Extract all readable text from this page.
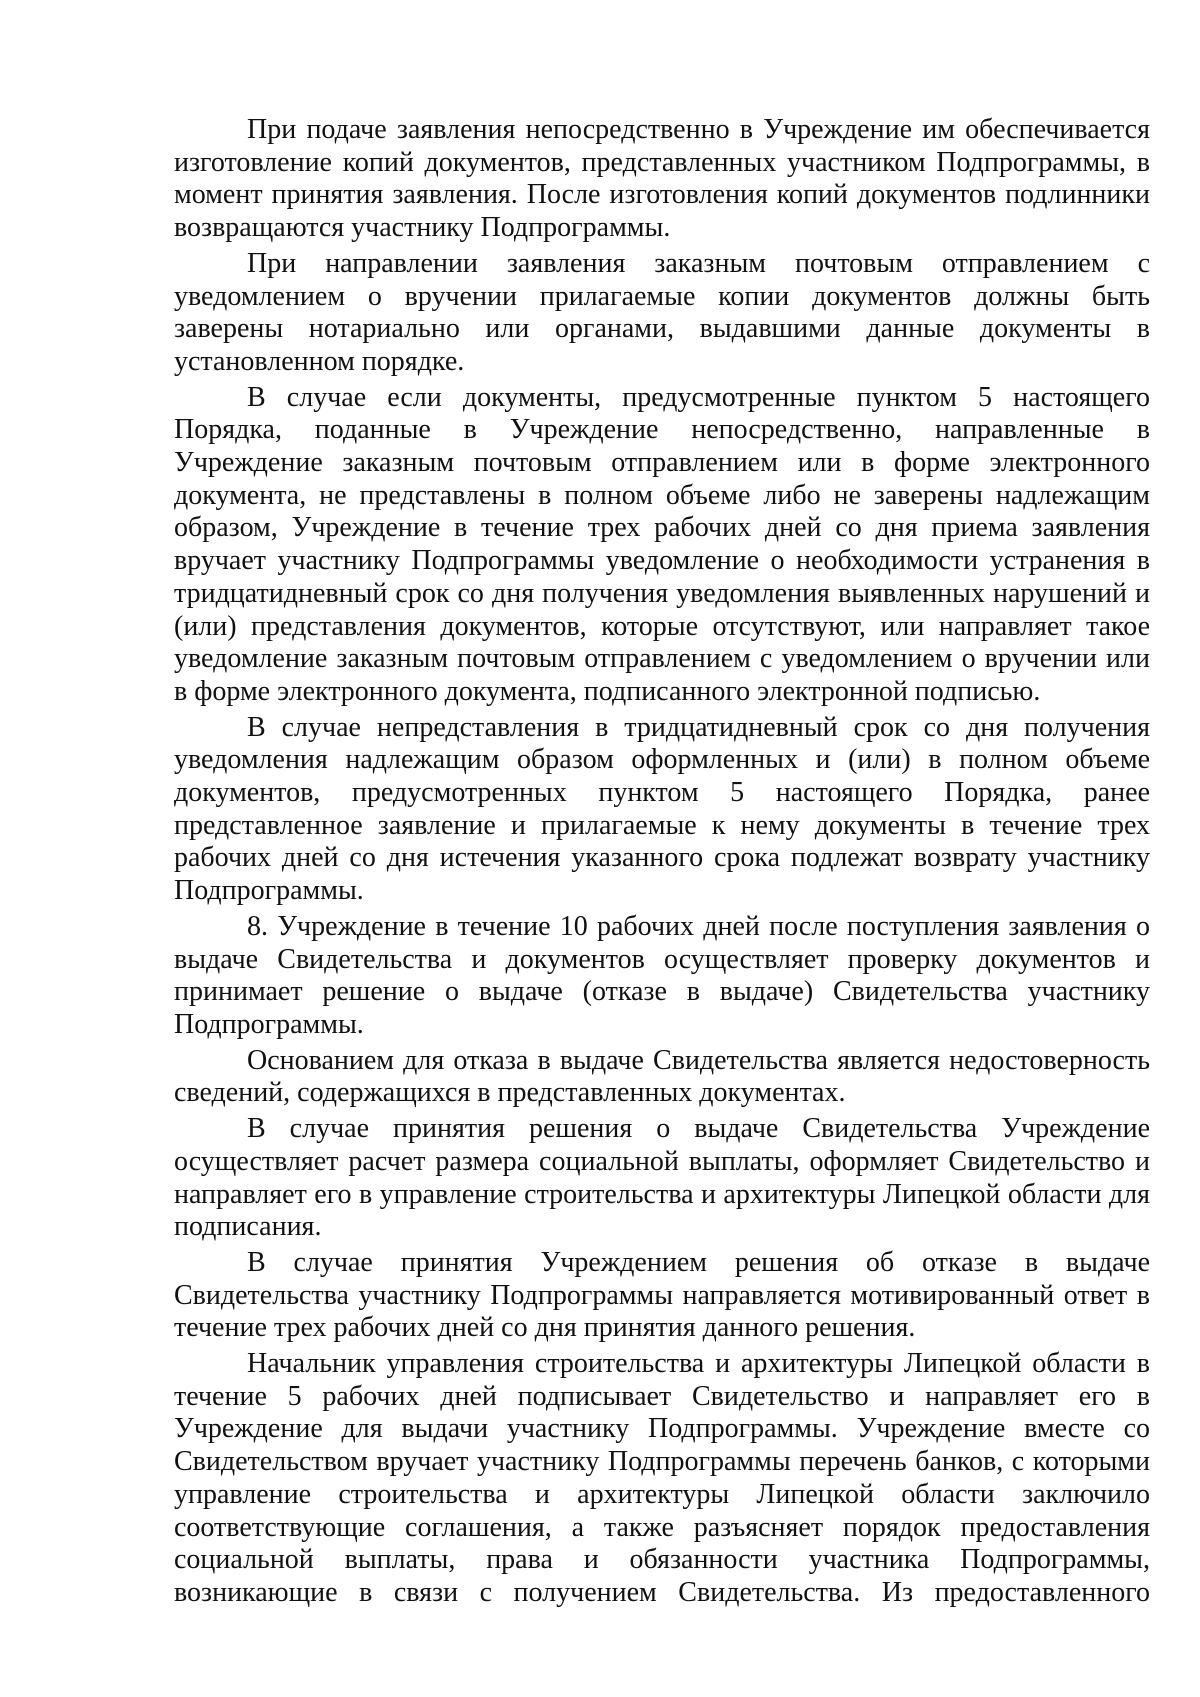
При подаче заявления непосредственно в Учреждение им обеспечивается изготовление копий документов, представленных участником Подпрограммы, в момент принятия заявления. После изготовления копий документов подлинники возвращаются участнику Подпрограммы.

При направлении заявления заказным почтовым отправлением с уведомлением о вручении прилагаемые копии документов должны быть заверены нотариально или органами, выдавшими данные документы в установленном порядке.

В случае если документы, предусмотренные пунктом 5 настоящего Порядка, поданные в Учреждение непосредственно, направленные в Учреждение заказным почтовым отправлением или в форме электронного документа, не представлены в полном объеме либо не заверены надлежащим образом, Учреждение в течение трех рабочих дней со дня приема заявления вручает участнику Подпрограммы уведомление о необходимости устранения в тридцатидневный срок со дня получения уведомления выявленных нарушений и (или) представления документов, которые отсутствуют, или направляет такое уведомление заказным почтовым отправлением с уведомлением о вручении или в форме электронного документа, подписанного электронной подписью.

В случае непредставления в тридцатидневный срок со дня получения уведомления надлежащим образом оформленных и (или) в полном объеме документов, предусмотренных пунктом 5 настоящего Порядка, ранее представленное заявление и прилагаемые к нему документы в течение трех рабочих дней со дня истечения указанного срока подлежат возврату участнику Подпрограммы.

8. Учреждение в течение 10 рабочих дней после поступления заявления о выдаче Свидетельства и документов осуществляет проверку документов и принимает решение о выдаче (отказе в выдаче) Свидетельства участнику Подпрограммы.

Основанием для отказа в выдаче Свидетельства является недостоверность сведений, содержащихся в представленных документах.

В случае принятия решения о выдаче Свидетельства Учреждение осуществляет расчет размера социальной выплаты, оформляет Свидетельство и направляет его в управление строительства и архитектуры Липецкой области для подписания.

В случае принятия Учреждением решения об отказе в выдаче Свидетельства участнику Подпрограммы направляется мотивированный ответ в течение трех рабочих дней со дня принятия данного решения.

Начальник управления строительства и архитектуры Липецкой области в течение 5 рабочих дней подписывает Свидетельство и направляет его в Учреждение для выдачи участнику Подпрограммы. Учреждение вместе со Свидетельством вручает участнику Подпрограммы перечень банков, с которыми управление строительства и архитектуры Липецкой области заключило соответствующие соглашения, а также разъясняет порядок предоставления социальной выплаты, права и обязанности участника Подпрограммы, возникающие в связи с получением Свидетельства. Из предоставленного
